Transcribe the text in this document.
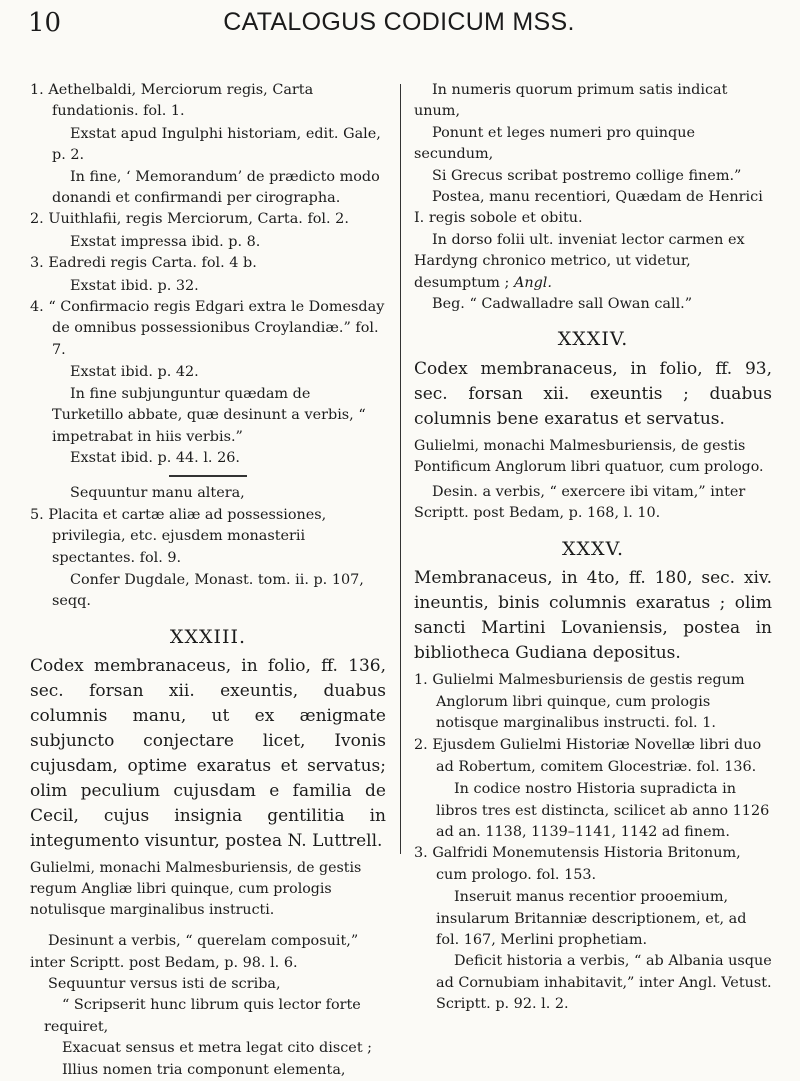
10	CATALOGUS CODICUM MSS.

1. Aethelbaldi, Merciorum regis, Carta fundationis. fol. 1.

Exstat apud Ingulphi historiam, edit. Gale, p. 2.

In fine, ‘ Memorandum’ de prædicto modo donandi et confirmandi per cirographa.

2. Uuithlafii, regis Merciorum, Carta. fol. 2.

Exstat impressa ibid. p. 8.

3. Eadredi regis Carta. fol. 4 b.

Exstat ibid. p. 32.

4. “ Confirmacio regis Edgari extra le Domesday de omnibus possessionibus Croylandiæ.” fol. 7.

Exstat ibid. p. 42.

In fine subjunguntur quædam de Turketillo abbate, quæ desinunt a verbis, “ impetrabat in hiis verbis.”

Exstat ibid. p. 44. l. 26.

Sequuntur manu altera,

5. Placita et cartæ aliæ ad possessiones, privilegia, etc. ejusdem monasterii spectantes. fol. 9.

Confer Dugdale, Monast. tom. ii. p. 107, seqq.

XXXIII.

Codex membranaceus, in folio, ff. 136, sec. forsan xii. exeuntis, duabus columnis manu, ut ex ænigmate subjuncto conjectare licet, Ivonis cujusdam, optime exaratus et servatus; olim peculium cujusdam e familia de Cecil, cujus insignia gentilitia in integumento visuntur, postea N. Luttrell.

Gulielmi, monachi Malmesburiensis, de gestis regum Angliæ libri quinque, cum prologis notulisque marginalibus instructi.

Desinunt a verbis, “ querelam composuit,” inter Scriptt. post Bedam, p. 98. l. 6.

Sequuntur versus isti de scriba,

“ Scripserit hunc librum quis lector forte requiret,

Exacuat sensus et metra legat cito discet ;

Illius nomen tria componunt elementa,

In numeris quorum primum satis indicat unum,

Ponunt et leges numeri pro quinque secundum,

Si Grecus scribat postremo collige finem.”

Postea, manu recentiori, Quædam de Henrici I. regis sobole et obitu.

In dorso folii ult. inveniat lector carmen ex Hardyng chronico metrico, ut videtur, desumptum ; Angl.

Beg. “ Cadwalladre sall Owan call.”

XXXIV.

Codex membranaceus, in folio, ff. 93, sec. forsan xii. exeuntis ; duabus columnis bene exaratus et servatus.

Gulielmi, monachi Malmesburiensis, de gestis Pontificum Anglorum libri quatuor, cum prologo.

Desin. a verbis, “ exercere ibi vitam,” inter Scriptt. post Bedam, p. 168, l. 10.

XXXV.

Membranaceus, in 4to, ff. 180, sec. xiv. ineuntis, binis columnis exaratus ; olim sancti Martini Lovaniensis, postea in bibliotheca Gudiana depositus.

1. Gulielmi Malmesburiensis de gestis regum Anglorum libri quinque, cum prologis notisque marginalibus instructi. fol. 1.

2. Ejusdem Gulielmi Historiæ Novellæ libri duo ad Robertum, comitem Glocestriæ. fol. 136.

In codice nostro Historia supradicta in libros tres est distincta, scilicet ab anno 1126 ad an. 1138, 1139–1141, 1142 ad finem.

3. Galfridi Monemutensis Historia Britonum, cum prologo. fol. 153.

Inseruit manus recentior prooemium, insularum Britanniæ descriptionem, et, ad fol. 167, Merlini prophetiam.

Deficit historia a verbis, “ ab Albania usque ad Cornubiam inhabitavit,” inter Angl. Vetust. Scriptt. p. 92. l. 2.
